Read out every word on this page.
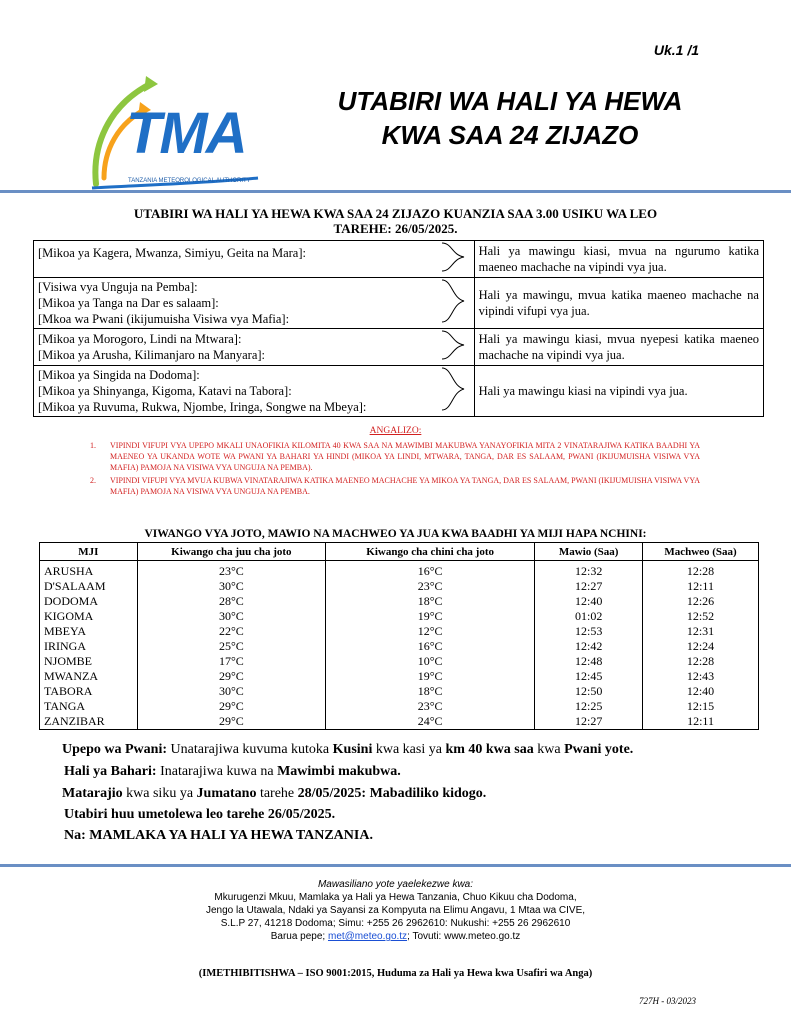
Uk.1 /1
TMA
TANZANIA METEOROLOGICAL AUTHORITY
UTABIRI WA HALI YA HEWA
KWA SAA 24 ZIJAZO
UTABIRI WA HALI YA HEWA KWA SAA 24 ZIJAZO KUANZIA SAA 3.00 USIKU WA LEO
TAREHE: 26/05/2025.
[Mikoa ya Kagera, Mwanza, Simiyu, Geita na Mara]:		Hali ya mawingu kiasi, mvua na ngurumo katika maeneo machache na vipindi vya jua.

[Visiwa vya Unguja na Pemba]:
[Mikoa ya Tanga na Dar es salaam]:
[Mkoa wa Pwani (ikijumuisha Visiwa vya Mafia]:		Hali ya mawingu, mvua katika maeneo machache na vipindi vifupi vya jua.

[Mikoa ya Morogoro, Lindi na Mtwara]:
[Mikoa ya Arusha, Kilimanjaro na Manyara]:		Hali ya mawingu kiasi, mvua nyepesi katika maeneo machache na vipindi vya jua.

[Mikoa ya Singida na Dodoma]:
[Mikoa ya Shinyanga, Kigoma, Katavi na Tabora]:
[Mikoa ya Ruvuma, Rukwa, Njombe, Iringa, Songwe na Mbeya]:		Hali ya mawingu kiasi na vipindi vya jua.
ANGALIZO:
1. VIPINDI VIFUPI VYA UPEPO MKALI UNAOFIKIA KILOMITA 40 KWA SAA NA MAWIMBI MAKUBWA YANAYOFIKIA MITA 2 VINATARAJIWA KATIKA BAADHI YA MAENEO YA UKANDA WOTE WA PWANI YA BAHARI YA HINDI (MIKOA YA LINDI, MTWARA, TANGA, DAR ES SALAAM, PWANI (IKIJUMUISHA VISIWA VYA MAFIA) PAMOJA NA VISIWA VYA UNGUJA NA PEMBA).
2. VIPINDI VIFUPI VYA MVUA KUBWA VINATARAJIWA KATIKA MAENEO MACHACHE YA MIKOA YA TANGA, DAR ES SALAAM, PWANI (IKIJUMUISHA VISIWA VYA MAFIA) PAMOJA NA VISIWA VYA UNGUJA NA PEMBA.
VIWANGO VYA JOTO, MAWIO NA MACHWEO YA JUA KWA BAADHI YA MIJI HAPA NCHINI:
MJI	Kiwango cha juu cha joto	Kiwango cha chini cha joto	Mawio (Saa)	Machweo (Saa)
ARUSHA	23°C	16°C	12:32	12:28
D'SALAAM	30°C	23°C	12:27	12:11
DODOMA	28°C	18°C	12:40	12:26
KIGOMA	30°C	19°C	01:02	12:52
MBEYA	22°C	12°C	12:53	12:31
IRINGA	25°C	16°C	12:42	12:24
NJOMBE	17°C	10°C	12:48	12:28
MWANZA	29°C	19°C	12:45	12:43
TABORA	30°C	18°C	12:50	12:40
TANGA	29°C	23°C	12:25	12:15
ZANZIBAR	29°C	24°C	12:27	12:11
Upepo wa Pwani: Unatarajiwa kuvuma kutoka Kusini kwa kasi ya km 40 kwa saa kwa Pwani yote.
Hali ya Bahari: Inatarajiwa kuwa na Mawimbi makubwa.
Matarajio kwa siku ya Jumatano tarehe 28/05/2025: Mabadiliko kidogo.
Utabiri huu umetolewa leo tarehe 26/05/2025.
Na: MAMLAKA YA HALI YA HEWA TANZANIA.
Mawasiliano yote yaelekezwe kwa:
Mkurugenzi Mkuu, Mamlaka ya Hali ya Hewa Tanzania, Chuo Kikuu cha Dodoma,
Jengo la Utawala, Ndaki ya Sayansi za Kompyuta na Elimu Angavu, 1 Mtaa wa CIVE,
S.L.P 27, 41218 Dodoma; Simu: +255 26 2962610: Nukushi: +255 26 2962610
Barua pepe; met@meteo.go.tz; Tovuti: www.meteo.go.tz
(IMETHIBITISHWA – ISO 9001:2015, Huduma za Hali ya Hewa kwa Usafiri wa Anga)
727H - 03/2023
